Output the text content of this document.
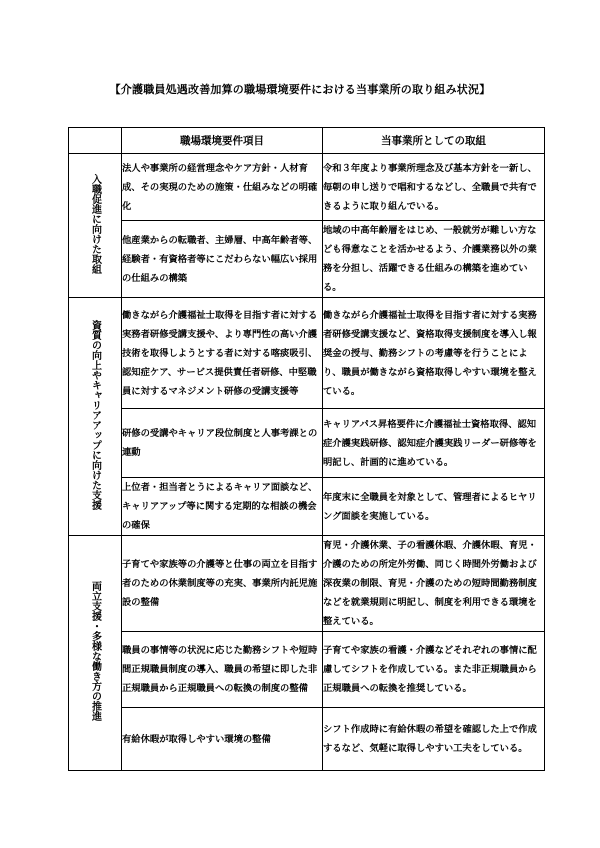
【介護職員処遇改善加算の職場環境要件における当事業所の取り組み状況】
	職場環境要件項目	当事業所としての取組
入職促進に向けた取組	法人や事業所の経営理念やケア方針・人材育成、その実現のための施策・仕組みなどの明確化	令和３年度より事業所理念及び基本方針を一新し、毎朝の申し送りで唱和するなどし、全職員で共有できるように取り組んでいる。
	他産業からの転職者、主婦層、中高年齢者等、経験者・有資格者等にこだわらない幅広い採用の仕組みの構築	地域の中高年齢層をはじめ、一般就労が難しい方なども得意なことを活かせるよう、介護業務以外の業務を分担し、活躍できる仕組みの構築を進めている。
資質の向上やキャリアアップに向けた支援	働きながら介護福祉士取得を目指す者に対する実務者研修受講支援や、より専門性の高い介護技術を取得しようとする者に対する喀痰吸引、認知症ケア、サービス提供責任者研修、中堅職員に対するマネジメント研修の受講支援等	働きながら介護福祉士取得を目指す者に対する実務者研修受講支援など、資格取得支援制度を導入し報奨金の授与、勤務シフトの考慮等を行うことにより、職員が働きながら資格取得しやすい環境を整えている。
	研修の受講やキャリア段位制度と人事考課との連動	キャリアパス昇格要件に介護福祉士資格取得、認知症介護実践研修、認知症介護実践リーダー研修等を明記し、計画的に進めている。
	上位者・担当者とうによるキャリア面談など、キャリアアップ等に関する定期的な相談の機会の確保	年度末に全職員を対象として、管理者によるヒヤリング面談を実施している。
両立支援・多様な働き方の推進	子育てや家族等の介護等と仕事の両立を目指す者のための休業制度等の充実、事業所内託児施設の整備	育児・介護休業、子の看護休暇、介護休暇、育児・介護のための所定外労働、同じく時間外労働および深夜業の制限、育児・介護のための短時間勤務制度などを就業規則に明記し、制度を利用できる環境を整えている。
	職員の事情等の状況に応じた勤務シフトや短時間正規職員制度の導入、職員の希望に即した非正規職員から正規職員への転換の制度の整備	子育てや家族の看護・介護などそれぞれの事情に配慮してシフトを作成している。また非正規職員から正規職員への転換を推奨している。
	有給休暇が取得しやすい環境の整備	シフト作成時に有給休暇の希望を確認した上で作成するなど、気軽に取得しやすい工夫をしている。
